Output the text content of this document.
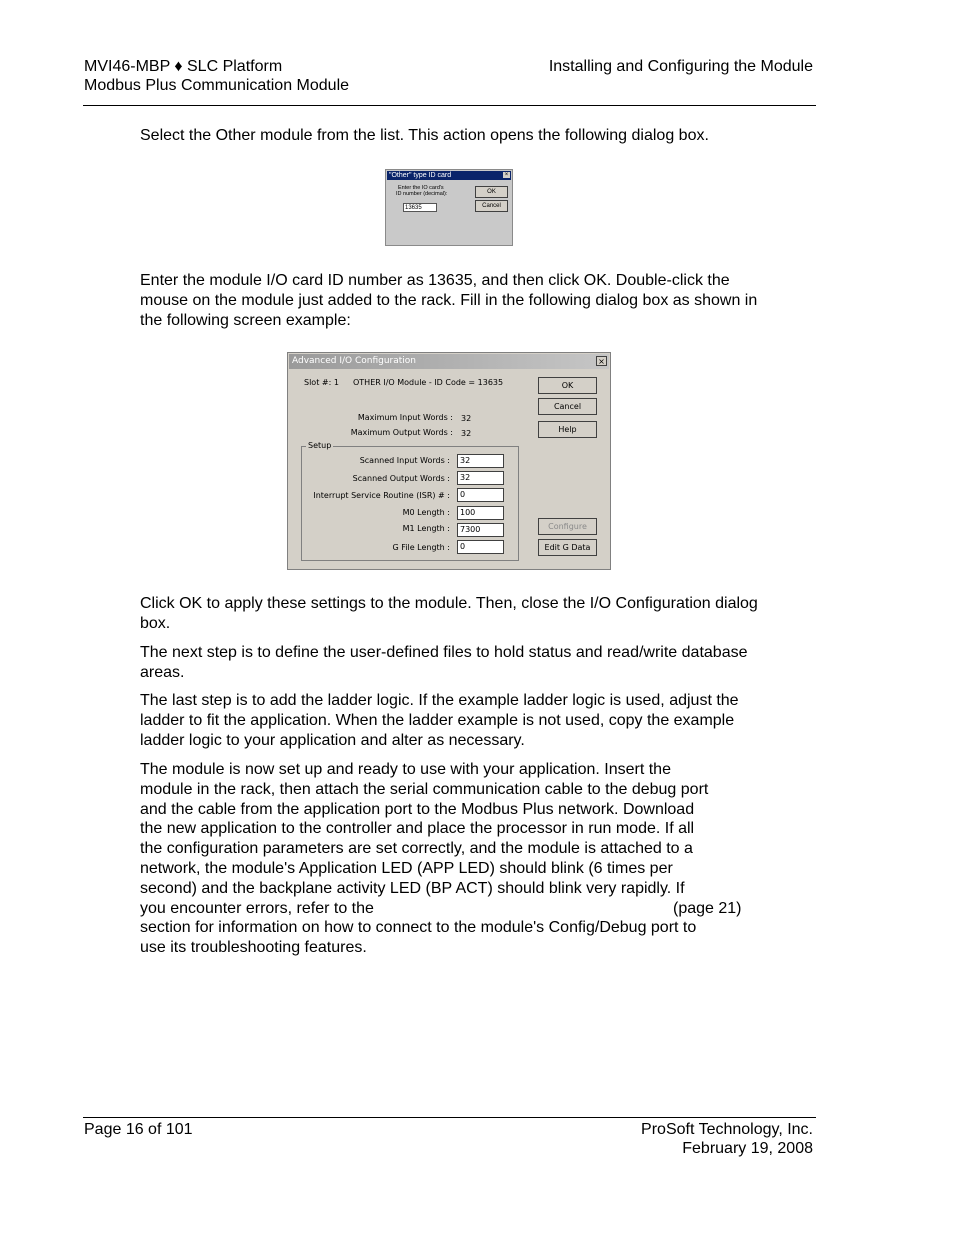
MVI46-MBP ♦ SLC Platform
Modbus Plus Communication Module
Installing and Configuring the Module
Select the Other module from the list. This action opens the following dialog box.
"Other" type ID card	×
Enter the IO card's
ID number (decimal):
13635
OK
Cancel
Enter the module I/O card ID number as 13635, and then click OK. Double-click the mouse on the module just added to the rack. Fill in the following dialog box as shown in the following screen example:
Advanced I/O Configuration	×
Slot #: 1 OTHER I/O Module - ID Code = 13635
Maximum Input Words : 32
Maximum Output Words : 32
Setup
Scanned Input Words :	32
Scanned Output Words :	32
Interrupt Service Routine (ISR) # :	0
M0 Length :	100
M1 Length :	7300
G File Length :	0
OK
Cancel
Help
Configure
Edit G Data
Click OK to apply these settings to the module. Then, close the I/O Configuration dialog box.
The next step is to define the user-defined files to hold status and read/write database areas.
The last step is to add the ladder logic. If the example ladder logic is used, adjust the ladder to fit the application. When the ladder example is not used, copy the example ladder logic to your application and alter as necessary.

The module is now set up and ready to use with your application. Insert the

module in the rack, then attach the serial communication cable to the debug port

and the cable from the application port to the Modbus Plus network. Download

the new application to the controller and place the processor in run mode. If all

the configuration parameters are set correctly, and the module is attached to a

network, the module's Application LED (APP LED) should blink (6 times per

second) and the backplane activity LED (BP ACT) should blink very rapidly. If

you encounter errors, refer to the	(page 21)

section for information on how to connect to the module's Config/Debug port to

use its troubleshooting features.

Page 16 of 101	ProSoft Technology, Inc.
February 19, 2008
